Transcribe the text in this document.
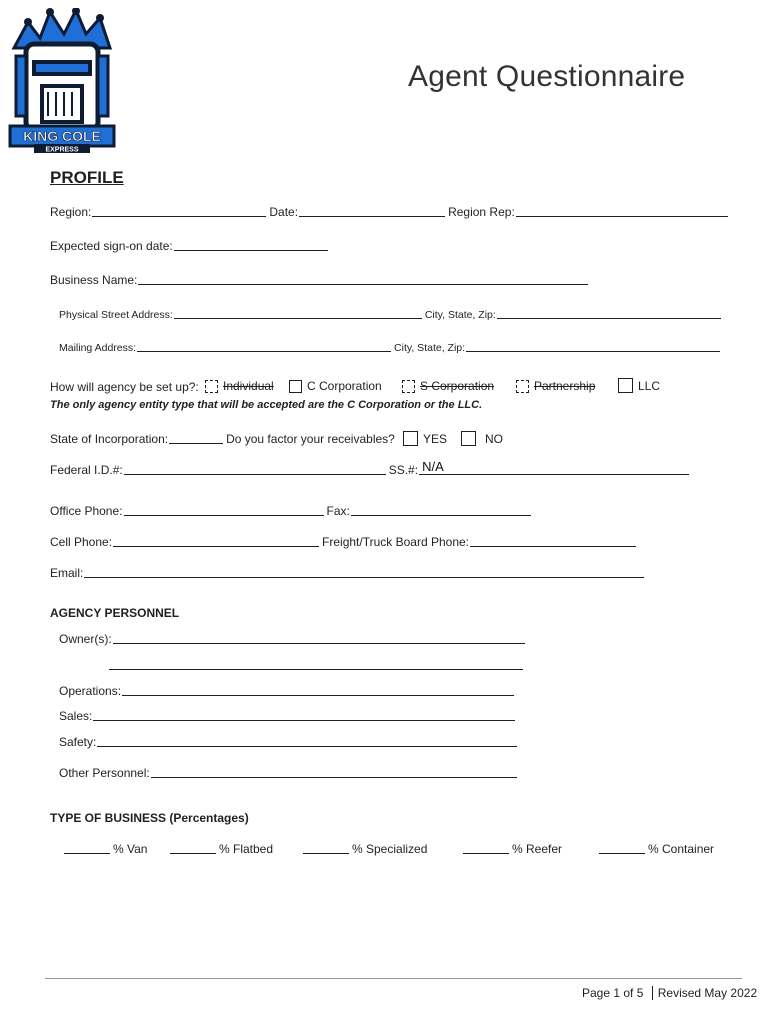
KING COLE
EXPRESS
Agent Questionnaire
PROFILE
Region:	Date:	Region Rep:
Expected sign-on date:
Business Name:
Physical Street Address:	City, State, Zip:
Mailing Address:	City, State, Zip:
How will agency be set up?: Individual	C Corporation	S Corporation	Partnership	LLC
The only agency entity type that will be accepted are the C Corporation or the LLC.
State of Incorporation:	Do you factor your receivables? YES	NO
Federal I.D.#:	SS.#: N/A
Office Phone:	Fax:
Cell Phone:	Freight/Truck Board Phone:
Email:
AGENCY PERSONNEL
Owner(s):
Operations:
Sales:
Safety:
Other Personnel:
TYPE OF BUSINESS (Percentages)
% Van	% Flatbed	% Specialized	% Reefer	% Container
Page 1 of 5 Revised May 2022
